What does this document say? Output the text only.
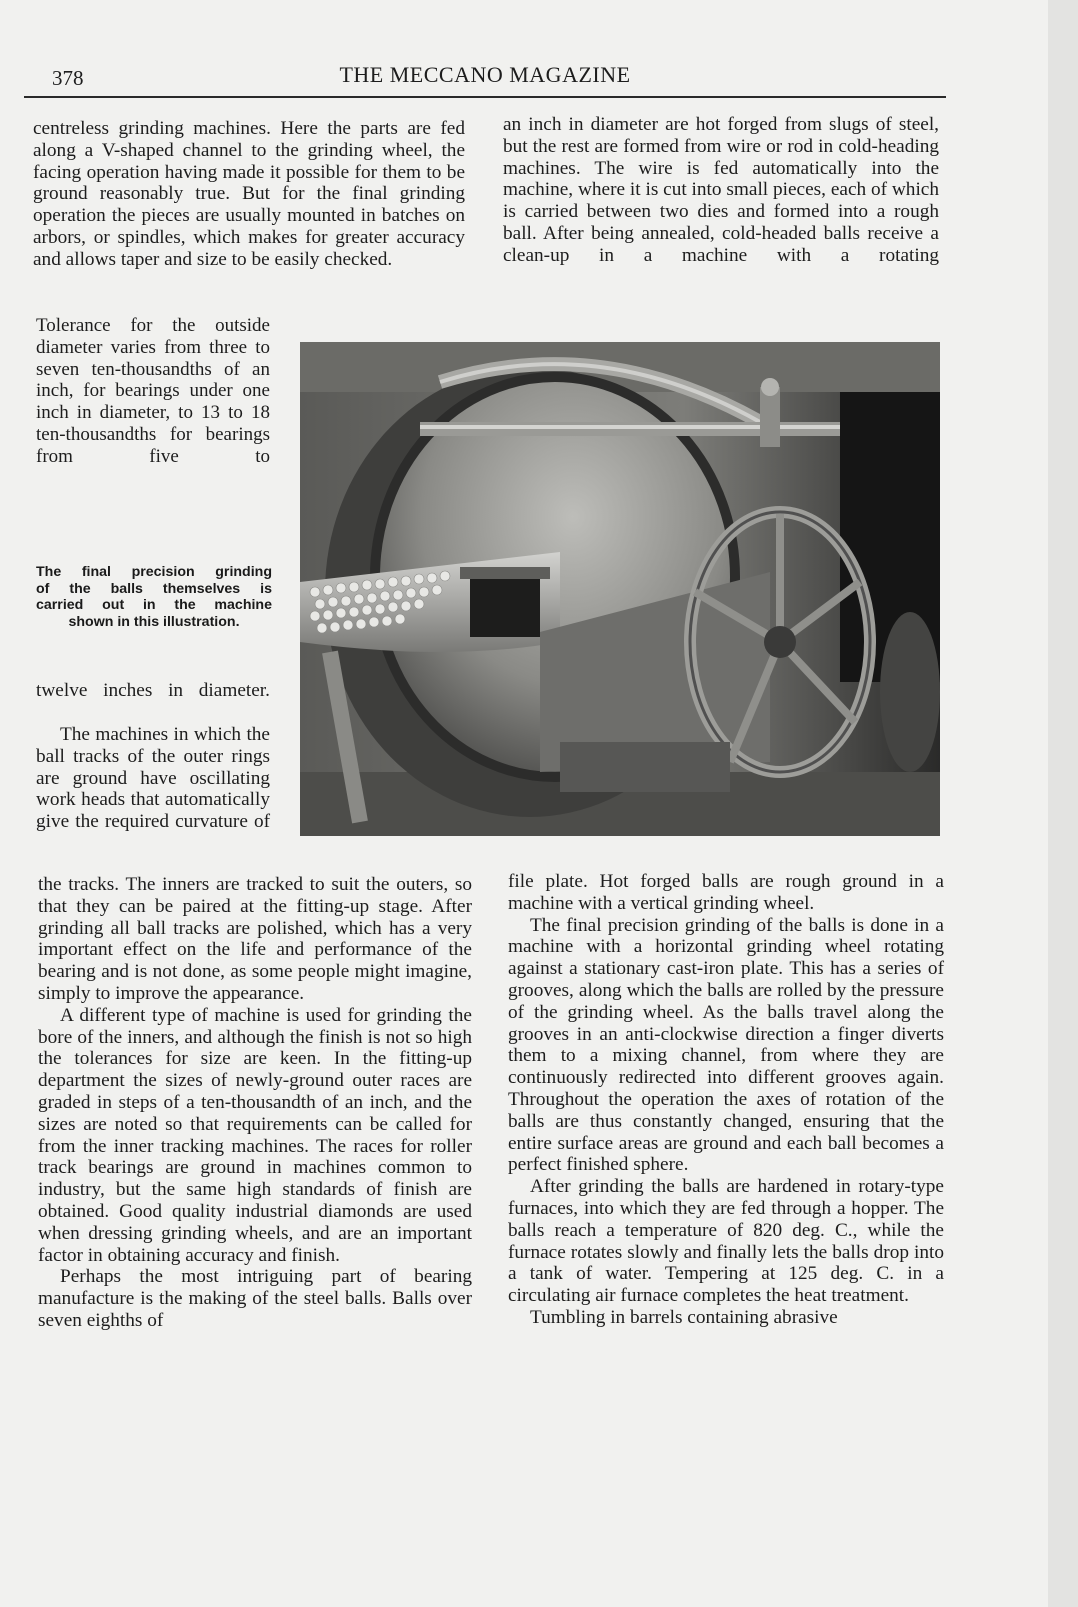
378	THE MECCANO MAGAZINE

centreless grinding machines. Here the parts are fed along a V-shaped channel to the grinding wheel, the facing operation having made it possible for them to be ground reasonably true. But for the final grinding operation the pieces are usually mounted in batches on arbors, or spindles, which makes for greater accuracy and allows taper and size to be easily checked.

Tolerance for the outside diameter varies from three to seven ten-thousandths of an inch, for bearings under one inch in diameter, to 13 to 18 ten-thousandths for bearings from five to
The final precision grinding
of the balls themselves is
carried out in the machine
shown in this illustration.
twelve inches in diameter.
The machines in which the ball tracks of the outer rings are ground have oscillating work heads that automatically give the required curvature of

the tracks. The inners are tracked to suit the outers, so that they can be paired at the fitting-up stage. After grinding all ball tracks are polished, which has a very important effect on the life and performance of the bearing and is not done, as some people might imagine, simply to improve the appearance.

A different type of machine is used for grinding the bore of the inners, and although the finish is not so high the tolerances for size are keen. In the fitting-up department the sizes of newly-ground outer races are graded in steps of a ten-thousandth of an inch, and the sizes are noted so that requirements can be called for from the inner tracking machines. The races for roller track bearings are ground in machines common to industry, but the same high standards of finish are obtained. Good quality industrial diamonds are used when dressing grinding wheels, and are an important factor in obtaining accuracy and finish.

Perhaps the most intriguing part of bearing manufacture is the making of the steel balls. Balls over seven eighths of

an inch in diameter are hot forged from slugs of steel, but the rest are formed from wire or rod in cold-heading machines. The wire is fed automatically into the machine, where it is cut into small pieces, each of which is carried between two dies and formed into a rough ball. After being annealed, cold-headed balls receive a clean-up in a machine with a rotating

file plate. Hot forged balls are rough ground in a machine with a vertical grinding wheel.

The final precision grinding of the balls is done in a machine with a horizontal grinding wheel rotating against a stationary cast-iron plate. This has a series of grooves, along which the balls are rolled by the pressure of the grinding wheel. As the balls travel along the grooves in an anti-clockwise direction a finger diverts them to a mixing channel, from where they are continuously redirected into different grooves again. Throughout the operation the axes of rotation of the balls are thus constantly changed, ensuring that the entire surface areas are ground and each ball becomes a perfect finished sphere.

After grinding the balls are hardened in rotary-type furnaces, into which they are fed through a hopper. The balls reach a temperature of 820 deg. C., while the furnace rotates slowly and finally lets the balls drop into a tank of water. Tempering at 125 deg. C. in a circulating air furnace completes the heat treatment.

Tumbling in barrels containing abrasive
